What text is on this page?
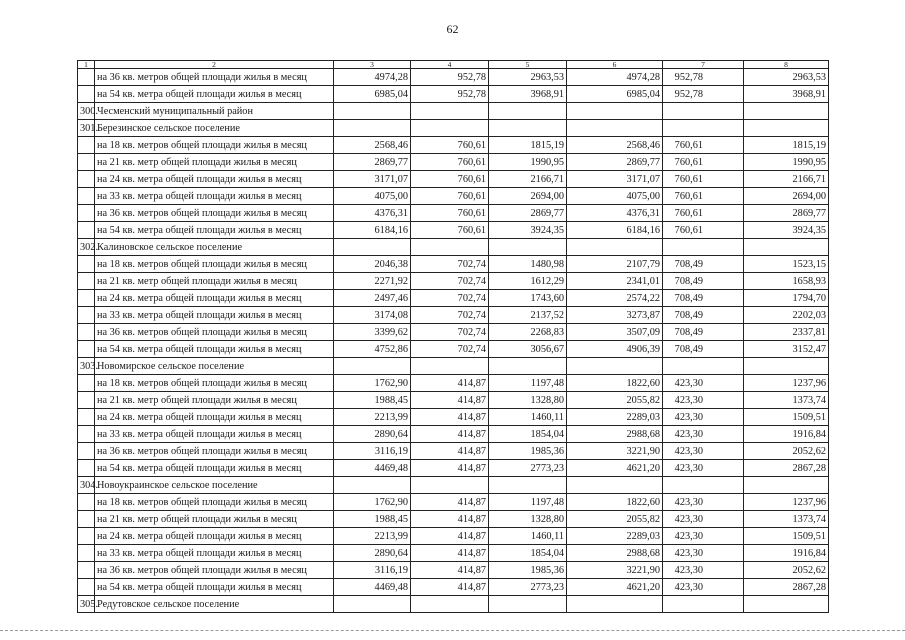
62
1	2	3	4	5	6	7	8
	на 36 кв. метров общей площади жилья в месяц	4974,28	952,78	2963,53	4974,28	952,78	2963,53
	на 54 кв. метра общей площади жилья в месяц	6985,04	952,78	3968,91	6985,04	952,78	3968,91
300.	Чесменский муниципальный район						
301.	Березинское сельское поселение						
	на 18 кв. метров общей площади жилья в месяц	2568,46	760,61	1815,19	2568,46	760,61	1815,19
	на 21 кв. метр общей площади жилья в месяц	2869,77	760,61	1990,95	2869,77	760,61	1990,95
	на 24 кв. метра общей площади жилья в месяц	3171,07	760,61	2166,71	3171,07	760,61	2166,71
	на 33 кв. метра общей площади жилья в месяц	4075,00	760,61	2694,00	4075,00	760,61	2694,00
	на 36 кв. метров общей площади жилья в месяц	4376,31	760,61	2869,77	4376,31	760,61	2869,77
	на 54 кв. метра общей площади жилья в месяц	6184,16	760,61	3924,35	6184,16	760,61	3924,35
302.	Калиновское сельское поселение						
	на 18 кв. метров общей площади жилья в месяц	2046,38	702,74	1480,98	2107,79	708,49	1523,15
	на 21 кв. метр общей площади жилья в месяц	2271,92	702,74	1612,29	2341,01	708,49	1658,93
	на 24 кв. метра общей площади жилья в месяц	2497,46	702,74	1743,60	2574,22	708,49	1794,70
	на 33 кв. метра общей площади жилья в месяц	3174,08	702,74	2137,52	3273,87	708,49	2202,03
	на 36 кв. метров общей площади жилья в месяц	3399,62	702,74	2268,83	3507,09	708,49	2337,81
	на 54 кв. метра общей площади жилья в месяц	4752,86	702,74	3056,67	4906,39	708,49	3152,47
303.	Новомирское сельское поселение						
	на 18 кв. метров общей площади жилья в месяц	1762,90	414,87	1197,48	1822,60	423,30	1237,96
	на 21 кв. метр общей площади жилья в месяц	1988,45	414,87	1328,80	2055,82	423,30	1373,74
	на 24 кв. метра общей площади жилья в месяц	2213,99	414,87	1460,11	2289,03	423,30	1509,51
	на 33 кв. метра общей площади жилья в месяц	2890,64	414,87	1854,04	2988,68	423,30	1916,84
	на 36 кв. метров общей площади жилья в месяц	3116,19	414,87	1985,36	3221,90	423,30	2052,62
	на 54 кв. метра общей площади жилья в месяц	4469,48	414,87	2773,23	4621,20	423,30	2867,28
304.	Новоукраинское сельское поселение						
	на 18 кв. метров общей площади жилья в месяц	1762,90	414,87	1197,48	1822,60	423,30	1237,96
	на 21 кв. метр общей площади жилья в месяц	1988,45	414,87	1328,80	2055,82	423,30	1373,74
	на 24 кв. метра общей площади жилья в месяц	2213,99	414,87	1460,11	2289,03	423,30	1509,51
	на 33 кв. метра общей площади жилья в месяц	2890,64	414,87	1854,04	2988,68	423,30	1916,84
	на 36 кв. метров общей площади жилья в месяц	3116,19	414,87	1985,36	3221,90	423,30	2052,62
	на 54 кв. метра общей площади жилья в месяц	4469,48	414,87	2773,23	4621,20	423,30	2867,28
305.	Редутовское сельское поселение						
